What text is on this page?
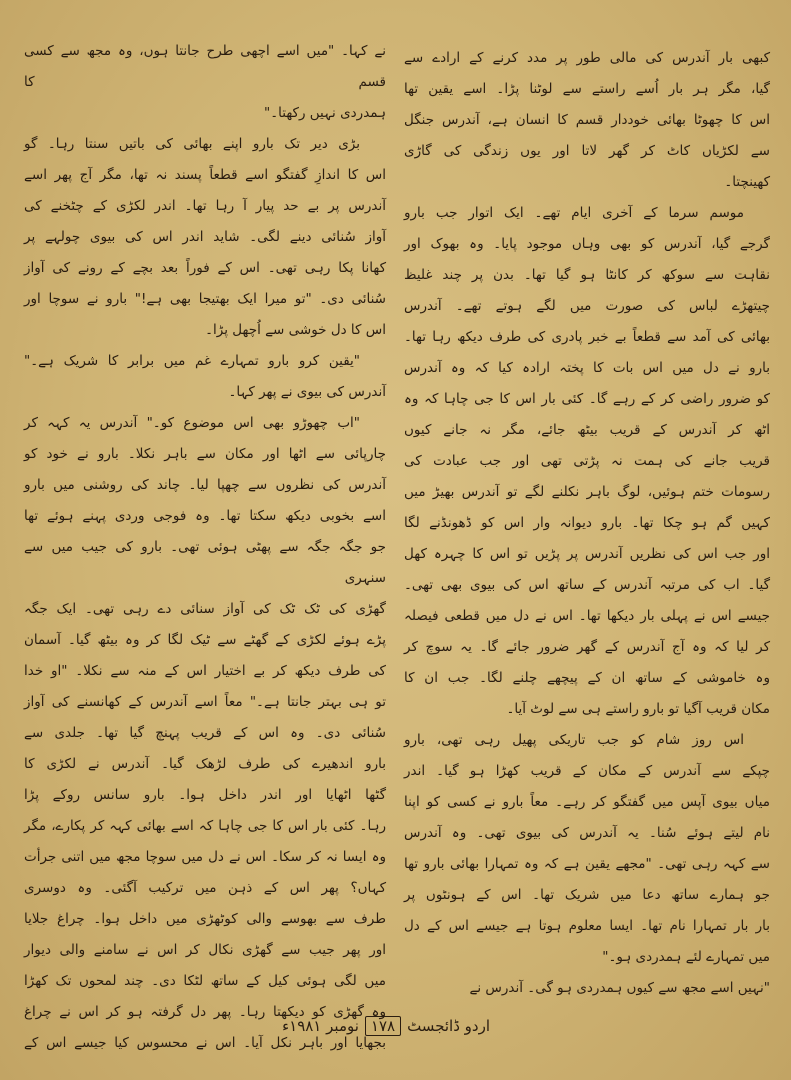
کبھی بار آندرس کی مالی طور پر مدد کرنے کے ارادے سے
گیا، مگر ہر بار اُسے راستے سے لوٹنا پڑا۔ اسے یقین تھا
اس کا چھوٹا بھائی خوددار قسم کا انسان ہے، آندرس جنگل
سے لکڑیاں کاٹ کر گھر لاتا اور یوں زندگی کی گاڑی
کھینچتا۔
موسم سرما کے آخری ایام تھے۔ ایک اتوار جب بارو
گرجے گیا، آندرس کو بھی وہاں موجود پایا۔ وہ بھوک اور
نقاہت سے سوکھ کر کانٹا ہو گیا تھا۔ بدن پر چند غلیظ
چیتھڑے لباس کی صورت میں لگے ہوتے تھے۔ آندرس
بھائی کی آمد سے قطعاً بے خبر پادری کی طرف دیکھ رہا تھا۔
بارو نے دل میں اس بات کا پختہ ارادہ کیا کہ وہ آندرس
کو ضرور راضی کر کے رہے گا۔ کئی بار اس کا جی چاہا کہ وہ
اٹھ کر آندرس کے قریب بیٹھ جائے، مگر نہ جانے کیوں
قریب جانے کی ہمت نہ پڑتی تھی اور جب عبادت کی
رسومات ختم ہوئیں، لوگ باہر نکلنے لگے تو آندرس بھیڑ میں
کہیں گم ہو چکا تھا۔ بارو دیوانہ وار اس کو ڈھونڈنے لگا
اور جب اس کی نظریں آندرس پر پڑیں تو اس کا چہرہ کھل
گیا۔ اب کی مرتبہ آندرس کے ساتھ اس کی بیوی بھی تھی۔
جیسے اس نے پہلی بار دیکھا تھا۔ اس نے دل میں قطعی فیصلہ
کر لیا کہ وہ آج آندرس کے گھر ضرور جائے گا۔ یہ سوچ کر
وہ خاموشی کے ساتھ ان کے پیچھے چلنے لگا۔ جب ان کا
مکان قریب آگیا تو بارو راستے ہی سے لوٹ آیا۔
اس روز شام کو جب تاریکی پھیل رہی تھی، بارو
چپکے سے آندرس کے مکان کے قریب کھڑا ہو گیا۔ اندر
میاں بیوی آپس میں گفتگو کر رہے۔ معاً بارو نے کسی کو اپنا
نام لیتے ہوئے سُنا۔ یہ آندرس کی بیوی تھی۔ وہ آندرس
سے کہہ رہی تھی۔ "مجھے یقین ہے کہ وہ تمہارا بھائی بارو تھا
جو ہمارے ساتھ دعا میں شریک تھا۔ اس کے ہونٹوں پر
بار بار تمہارا نام تھا۔ ایسا معلوم ہوتا ہے جیسے اس کے دل
میں تمہارے لئے ہمدردی ہو۔"
"نہیں اسے مجھ سے کیوں ہمدردی ہو گی۔ آندرس نے
نے کہا۔ "میں اسے اچھی طرح جانتا ہوں، وہ مجھ سے کسی قسم کا
ہمدردی نہیں رکھتا۔"
بڑی دیر تک بارو اپنے بھائی کی باتیں سنتا رہا۔ گو
اس کا اندازِ گفتگو اسے قطعاً پسند نہ تھا، مگر آج پھر اسے
آندرس پر بے حد پیار آ رہا تھا۔ اندر لکڑی کے چٹخنے کی
آواز سُنائی دینے لگی۔ شاید اندر اس کی بیوی چولہے پر
کھانا پکا رہی تھی۔ اس کے فوراً بعد بچے کے رونے کی آواز
سُنائی دی۔ "تو میرا ایک بھتیجا بھی ہے!" بارو نے سوچا اور
اس کا دل خوشی سے اُچھل پڑا۔
"یقین کرو بارو تمہارے غم میں برابر کا شریک ہے۔"
آندرس کی بیوی نے پھر کہا۔
"اب چھوڑو بھی اس موضوع کو۔" آندرس یہ کہہ کر
چارپائی سے اٹھا اور مکان سے باہر نکلا۔ بارو نے خود کو
آندرس کی نظروں سے چھپا لیا۔ چاند کی روشنی میں بارو
اسے بخوبی دیکھ سکتا تھا۔ وہ فوجی وردی پہنے ہوئے تھا
جو جگہ جگہ سے پھٹی ہوئی تھی۔ بارو کی جیب میں سے سنہری
گھڑی کی ٹک ٹک کی آواز سنائی دے رہی تھی۔ ایک جگہ
پڑے ہوئے لکڑی کے گھٹے سے ٹیک لگا کر وہ بیٹھ گیا۔ آسمان
کی طرف دیکھ کر بے اختیار اس کے منہ سے نکلا۔ "او خدا
تو ہی بہتر جانتا ہے۔" معاً اسے آندرس کے کھانسنے کی آواز
سُنائی دی۔ وہ اس کے قریب پہنچ گیا تھا۔ جلدی سے
بارو اندھیرے کی طرف لڑھک گیا۔ آندرس نے لکڑی کا
گٹھا اٹھایا اور اندر داخل ہوا۔ بارو سانس روکے پڑا
رہا۔ کئی بار اس کا جی چاہا کہ اسے بھائی کہہ کر پکارے، مگر
وہ ایسا نہ کر سکا۔ اس نے دل میں سوچا مجھ میں اتنی جرأت
کہاں؟ پھر اس کے ذہن میں ترکیب آگئی۔ وہ دوسری
طرف سے بھوسے والی کوٹھڑی میں داخل ہوا۔ چراغ جلایا
اور پھر جیب سے گھڑی نکال کر اس نے سامنے والی دیوار
میں لگی ہوئی کیل کے ساتھ لٹکا دی۔ چند لمحوں تک کھڑا
وہ گھڑی کو دیکھتا رہا۔ پھر دل گرفتہ ہو کر اس نے چراغ
بجھایا اور باہر نکل آیا۔ اس نے محسوس کیا جیسے اس کے
اردو ڈائجسٹ
۱۷۸
نومبر ۱۹۸۱ء
